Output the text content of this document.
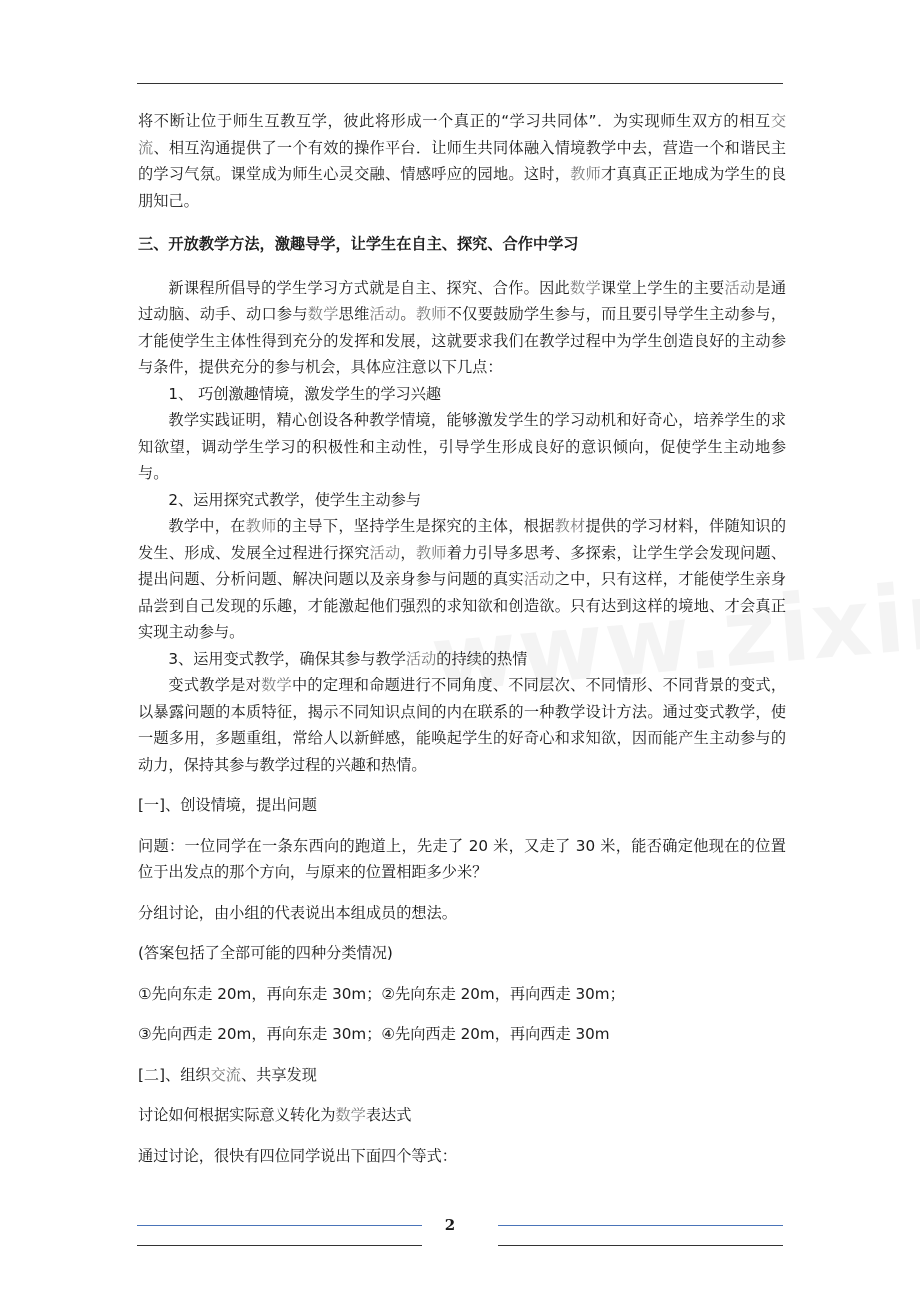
将不断让位于师生互教互学，彼此将形成一个真正的“学习共同体”．为实现师生双方的相互交流、相互沟通提供了一个有效的操作平台．让师生共同体融入情境教学中去，营造一个和谐民主的学习气氛。课堂成为师生心灵交融、情感呼应的园地。这时，教师才真真正正地成为学生的良朋知己。

三、开放教学方法，激趣导学，让学生在自主、探究、合作中学习

新课程所倡导的学生学习方式就是自主、探究、合作。因此数学课堂上学生的主要活动是通过动脑、动手、动口参与数学思维活动。教师不仅要鼓励学生参与，而且要引导学生主动参与，才能使学生主体性得到充分的发挥和发展，这就要求我们在教学过程中为学生创造良好的主动参与条件，提供充分的参与机会，具体应注意以下几点：

1、 巧创激趣情境，激发学生的学习兴趣

教学实践证明，精心创设各种教学情境，能够激发学生的学习动机和好奇心，培养学生的求知欲望，调动学生学习的积极性和主动性，引导学生形成良好的意识倾向，促使学生主动地参与。

2、运用探究式教学，使学生主动参与

教学中，在教师的主导下，坚持学生是探究的主体，根据教材提供的学习材料，伴随知识的发生、形成、发展全过程进行探究活动，教师着力引导多思考、多探索，让学生学会发现问题、提出问题、分析问题、解决问题以及亲身参与问题的真实活动之中，只有这样，才能使学生亲身品尝到自己发现的乐趣，才能激起他们强烈的求知欲和创造欲。只有达到这样的境地、才会真正实现主动参与。

3、运用变式教学，确保其参与教学活动的持续的热情

变式教学是对数学中的定理和命题进行不同角度、不同层次、不同情形、不同背景的变式，以暴露问题的本质特征，揭示不同知识点间的内在联系的一种教学设计方法。通过变式教学，使一题多用，多题重组，常给人以新鲜感，能唤起学生的好奇心和求知欲，因而能产生主动参与的动力，保持其参与教学过程的兴趣和热情。

[一]、创设情境，提出问题

问题：一位同学在一条东西向的跑道上，先走了 20 米，又走了 30 米，能否确定他现在的位置位于出发点的那个方向，与原来的位置相距多少米？

分组讨论，由小组的代表说出本组成员的想法。

(答案包括了全部可能的四种分类情况)

①先向东走 20m，再向东走 30m；②先向东走 20m，再向西走 30m；

③先向西走 20m，再向东走 30m；④先向西走 20m，再向西走 30m

[二]、组织交流、共享发现

讨论如何根据实际意义转化为数学表达式

通过讨论，很快有四位同学说出下面四个等式：

2
